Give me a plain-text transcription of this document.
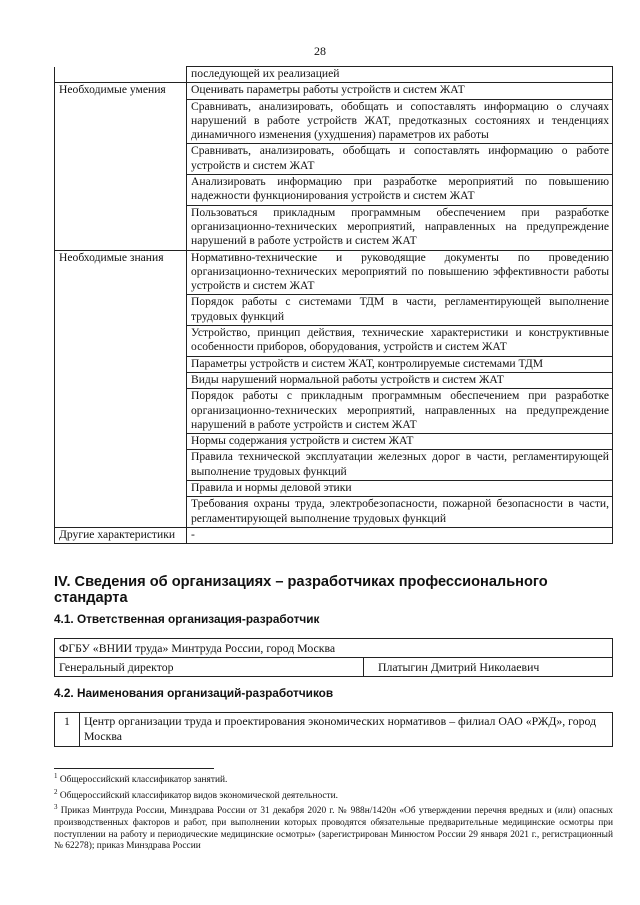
28
	последующей их реализацией
Необходимые умения	Оценивать параметры работы устройств и систем ЖАТ
	Сравнивать, анализировать, обобщать и сопоставлять информацию о случаях нарушений в работе устройств ЖАТ, предотказных состояниях и тенденциях динамичного изменения (ухудшения) параметров их работы
	Сравнивать, анализировать, обобщать и сопоставлять информацию о работе устройств и систем ЖАТ
	Анализировать информацию при разработке мероприятий по повышению надежности функционирования устройств и систем ЖАТ
	Пользоваться прикладным программным обеспечением при разработке организационно-технических мероприятий, направленных на предупреждение нарушений в работе устройств и систем ЖАТ
Необходимые знания	Нормативно-технические и руководящие документы по проведению организационно-технических мероприятий по повышению эффективности работы устройств и систем ЖАТ
	Порядок работы с системами ТДМ в части, регламентирующей выполнение трудовых функций
	Устройство, принцип действия, технические характеристики и конструктивные особенности приборов, оборудования, устройств и систем ЖАТ
	Параметры устройств и систем ЖАТ, контролируемые системами ТДМ
	Виды нарушений нормальной работы устройств и систем ЖАТ
	Порядок работы с прикладным программным обеспечением при разработке организационно-технических мероприятий, направленных на предупреждение нарушений в работе устройств и систем ЖАТ
	Нормы содержания устройств и систем ЖАТ
	Правила технической эксплуатации железных дорог в части, регламентирующей выполнение трудовых функций
	Правила и нормы деловой этики
	Требования охраны труда, электробезопасности, пожарной безопасности в части, регламентирующей выполнение трудовых функций
Другие характеристики	-
IV. Сведения об организациях – разработчиках профессионального стандарта
4.1. Ответственная организация-разработчик
ФГБУ «ВНИИ труда» Минтруда России, город Москва
Генеральный директор	Платыгин Дмитрий Николаевич
4.2. Наименования организаций-разработчиков
1	Центр организации труда и проектирования экономических нормативов – филиал ОАО «РЖД», город Москва

$^1$ Общероссийский классификатор занятий.

$^2$ Общероссийский классификатор видов экономической деятельности.

$^3$ Приказ Минтруда России, Минздрава России от 31 декабря 2020 г. № 988н/1420н «Об утверждении перечня вредных и (или) опасных производственных факторов и работ, при выполнении которых проводятся обязательные предварительные медицинские осмотры при поступлении на работу и периодические медицинские осмотры» (зарегистрирован Минюстом России 29 января 2021 г., регистрационный № 62278); приказ Минздрава России
